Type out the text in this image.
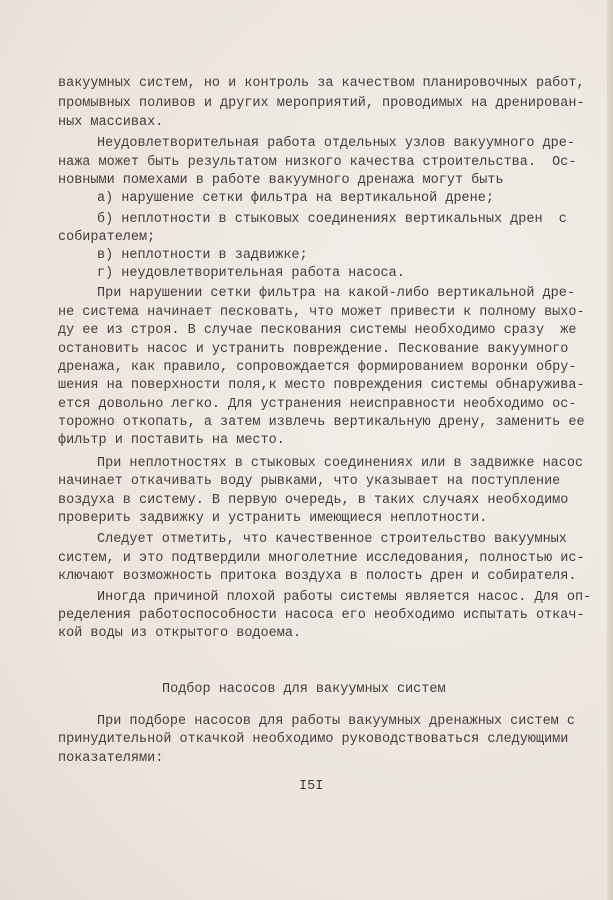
вакуумных систем, но и контроль за качеством планировочных работ,
промывных поливов и других мероприятий, проводимых на дренирован-
ных массивах.
Неудовлетворительная работа отдельных узлов вакуумного дре-
нажа может быть результатом низкого качества строительства.  Ос-
новными помехами в работе вакуумного дренажа могут быть
а) нарушение сетки фильтра на вертикальной дрене;
б) неплотности в стыковых соединениях вертикальных дрен  с
собирателем;
в) неплотности в задвижке;
г) неудовлетворительная работа насоса.
При нарушении сетки фильтра на какой-либо вертикальной дре-
не система начинает песковать, что может привести к полному выхо-
ду ее из строя. В случае пескования системы необходимо сразу  же
остановить насос и устранить повреждение. Пескование вакуумного
дренажа, как правило, сопровождается формированием воронки обру-
шения на поверхности поля,к место повреждения системы обнаружива-
ется довольно легко. Для устранения неисправности необходимо ос-
торожно откопать, а затем извлечь вертикальную дрену, заменить ее
фильтр и поставить на место.
При неплотностях в стыковых соединениях или в задвижке насос
начинает откачивать воду рывками, что указывает на поступление
воздуха в систему. В первую очередь, в таких случаях необходимо
проверить задвижку и устранить имеющиеся неплотности.
Следует отметить, что качественное строительство вакуумных
систем, и это подтвердили многолетние исследования, полностью ис-
ключают возможность притока воздуха в полость дрен и собирателя.
Иногда причиной плохой работы системы является насос. Для оп-
ределения работоспособности насоса его необходимо испытать откач-
кой воды из открытого водоема.
Подбор насосов для вакуумных систем
При подборе насосов для работы вакуумных дренажных систем с
принудительной откачкой необходимо руководствоваться следующими
показателями:
I5I
